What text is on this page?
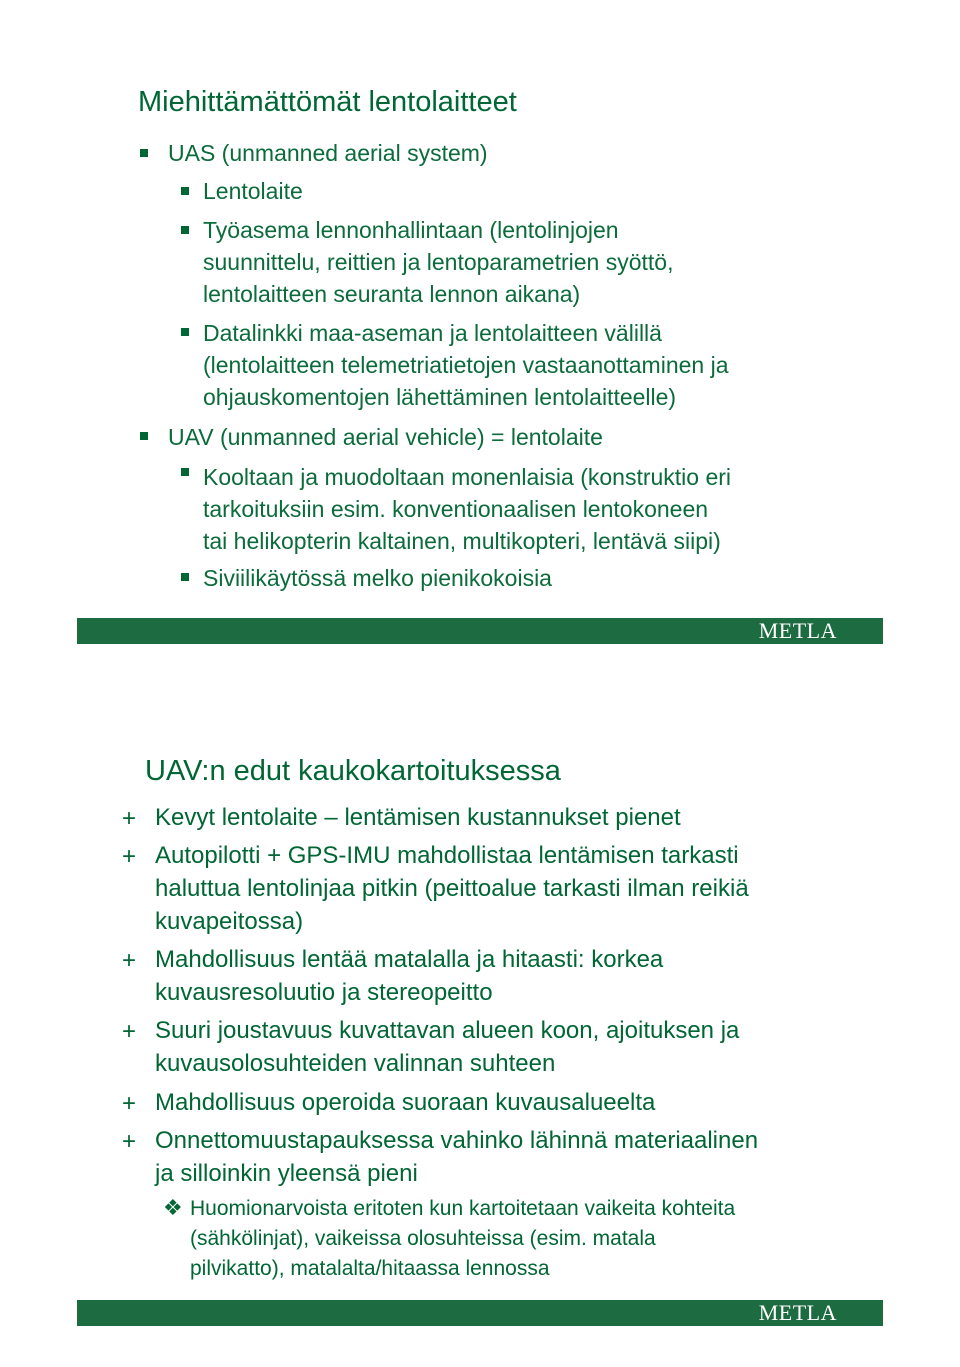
Miehittämättömät lentolaitteet
UAS (unmanned aerial system)
Lentolaite
Työasema lennonhallintaan (lentolinjojen
suunnittelu, reittien ja lentoparametrien syöttö,
lentolaitteen seuranta lennon aikana)
Datalinkki maa-aseman ja lentolaitteen välillä
(lentolaitteen telemetriatietojen vastaanottaminen ja
ohjauskomentojen lähettäminen lentolaitteelle)
UAV (unmanned aerial vehicle) = lentolaite
Kooltaan ja muodoltaan monenlaisia (konstruktio eri
tarkoituksiin esim. konventionaalisen lentokoneen
tai helikopterin kaltainen, multikopteri, lentävä siipi)
Siviilikäytössä melko pienikokoisia
METLA
UAV:n edut kaukokartoituksessa
+ Kevyt lentolaite – lentämisen kustannukset pienet
+ Autopilotti + GPS-IMU mahdollistaa lentämisen tarkasti
haluttua lentolinjaa pitkin (peittoalue tarkasti ilman reikiä
kuvapeitossa)
+ Mahdollisuus lentää matalalla ja hitaasti: korkea
kuvausresoluutio ja stereopeitto
+ Suuri joustavuus kuvattavan alueen koon, ajoituksen ja
kuvausolosuhteiden valinnan suhteen
+ Mahdollisuus operoida suoraan kuvausalueelta
+ Onnettomuustapauksessa vahinko lähinnä materiaalinen
ja silloinkin yleensä pieni
❖ Huomionarvoista eritoten kun kartoitetaan vaikeita kohteita
(sähkölinjat), vaikeissa olosuhteissa (esim. matala
pilvikatto), matalalta/hitaassa lennossa
METLA
